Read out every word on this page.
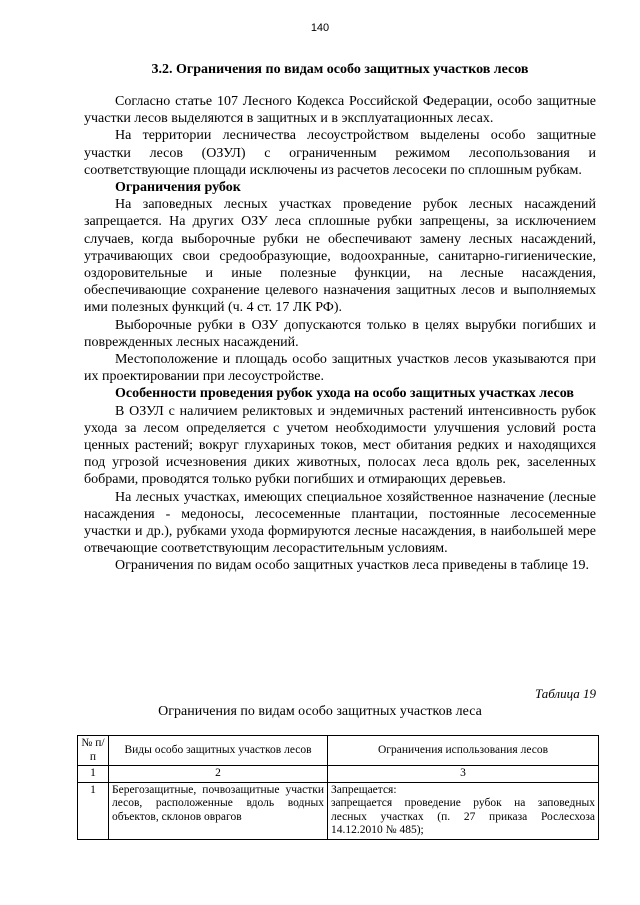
140
3.2. Ограничения по видам особо защитных участков лесов

Согласно статье 107 Лесного Кодекса Российской Федерации, особо защитные участки лесов выделяются в защитных и в эксплуатационных лесах.

На территории лесничества лесоустройством выделены особо защитные участки лесов (ОЗУЛ) с ограниченным режимом лесопользования и соответствующие площади исключены из расчетов лесосеки по сплошным рубкам.

Ограничения рубок

На заповедных лесных участках проведение рубок лесных насаждений запрещается. На других ОЗУ леса сплошные рубки запрещены, за исключением случаев, когда выборочные рубки не обеспечивают замену лесных насаждений, утрачивающих свои средообразующие, водоохранные, санитарно-гигиенические, оздоровительные и иные полезные функции, на лесные насаждения, обеспечивающие сохранение целевого назначения защитных лесов и выполняемых ими полезных функций (ч. 4 ст. 17 ЛК РФ).

Выборочные рубки в ОЗУ допускаются только в целях вырубки погибших и поврежденных лесных насаждений.

Местоположение и площадь особо защитных участков лесов указываются при их проектировании при лесоустройстве.

Особенности проведения рубок ухода на особо защитных участках лесов

В ОЗУЛ с наличием реликтовых и эндемичных растений интенсивность рубок ухода за лесом определяется с учетом необходимости улучшения условий роста ценных растений; вокруг глухариных токов, мест обитания редких и находящихся под угрозой исчезновения диких животных, полосах леса вдоль рек, заселенных бобрами, проводятся только рубки погибших и отмирающих деревьев.

На лесных участках, имеющих специальное хозяйственное назначение (лесные насаждения - медоносы, лесосеменные плантации, постоянные лесосеменные участки и др.), рубками ухода формируются лесные насаждения, в наибольшей мере отвечающие соответствующим лесорастительным условиям.

Ограничения по видам особо защитных участков леса приведены в таблице 19.

Таблица 19
Ограничения по видам особо защитных участков леса
№ п/п	Виды особо защитных участков лесов	Ограничения использования лесов
1	2	3
1	Берегозащитные, почвозащитные участки лесов, расположенные вдоль водных объектов, склонов оврагов	Запрещается:
запрещается проведение рубок на заповедных лесных участках (п. 27 приказа Рослесхоза 14.12.2010 № 485);
